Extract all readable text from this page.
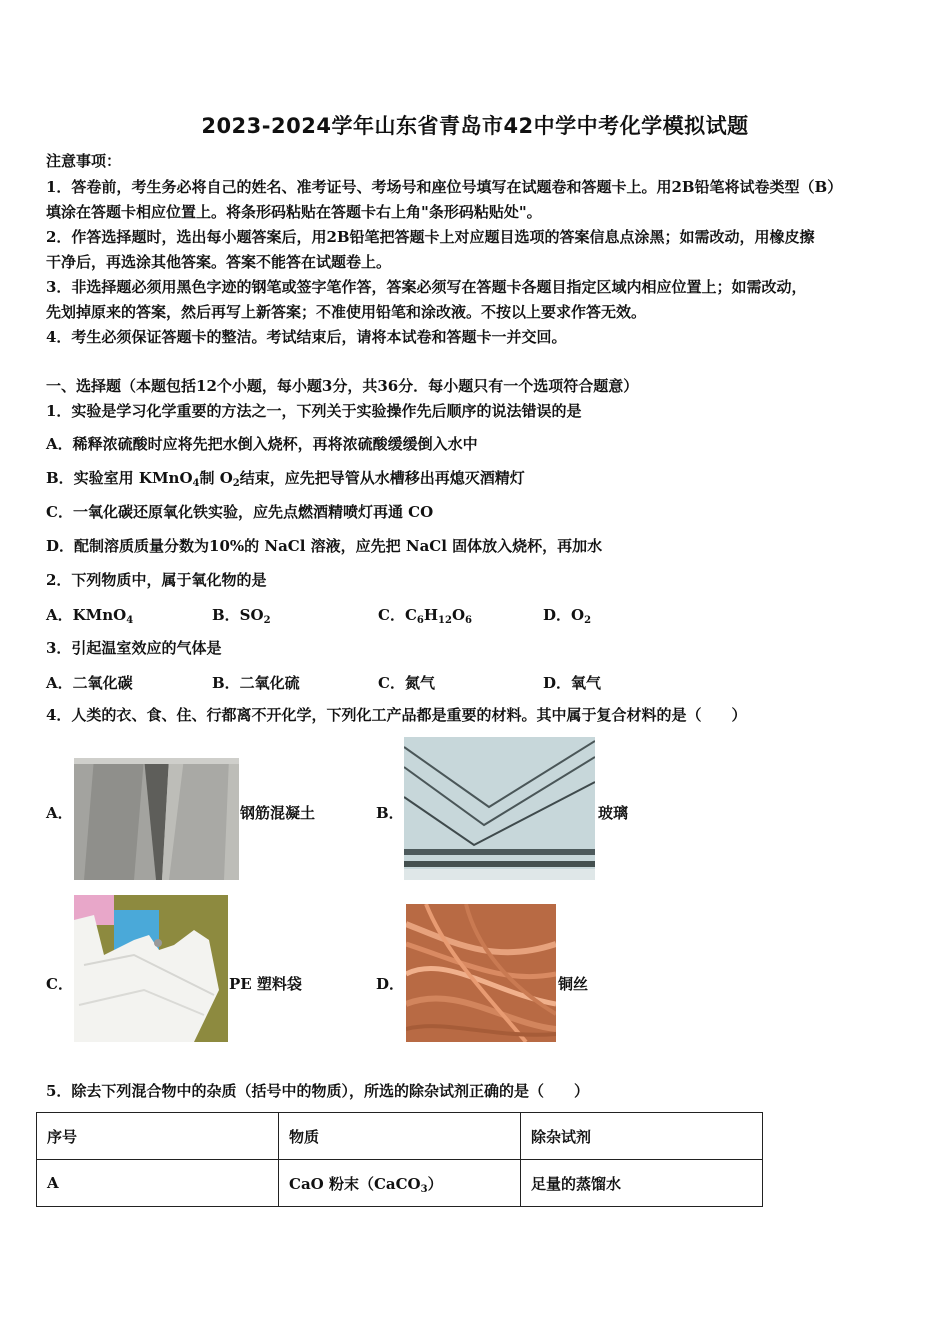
2023-2024学年山东省青岛市42中学中考化学模拟试题
注意事项：
1．答卷前，考生务必将自己的姓名、准考证号、考场号和座位号填写在试题卷和答题卡上。用2B铅笔将试卷类型（B）
填涂在答题卡相应位置上。将条形码粘贴在答题卡右上角"条形码粘贴处"。
2．作答选择题时，选出每小题答案后，用2B铅笔把答题卡上对应题目选项的答案信息点涂黑；如需改动，用橡皮擦
干净后，再选涂其他答案。答案不能答在试题卷上。
3．非选择题必须用黑色字迹的钢笔或签字笔作答，答案必须写在答题卡各题目指定区域内相应位置上；如需改动，
先划掉原来的答案，然后再写上新答案；不准使用铅笔和涂改液。不按以上要求作答无效。
4．考生必须保证答题卡的整洁。考试结束后，请将本试卷和答题卡一并交回。
一、选择题（本题包括12个小题，每小题3分，共36分．每小题只有一个选项符合题意）
1．实验是学习化学重要的方法之一，下列关于实验操作先后顺序的说法错误的是
A．稀释浓硫酸时应将先把水倒入烧杯，再将浓硫酸缓缓倒入水中
B．实验室用 KMnO$_4$制 $O_2$结束，应先把导管从水槽移出再熄灭酒精灯
C．一氧化碳还原氧化铁实验，应先点燃酒精喷灯再通 CO
D．配制溶质质量分数为10%的 NaCl 溶液，应先把 NaCl 固体放入烧杯，再加水
2．下列物质中，属于氧化物的是
A．KMnO$_4$	B．$SO_2$	C．$C_6H_{12}O_6$	D．$O_2$
3．引起温室效应的气体是
A．二氧化碳	B．二氧化硫	C．氮气	D．氧气
4．人类的衣、食、住、行都离不开化学，下列化工产品都是重要的材料。其中属于复合材料的是（　　）
A．	钢筋混凝土	B．	玻璃
C．	PE 塑料袋	D．	铜丝
5．除去下列混合物中的杂质（括号中的物质），所选的除杂试剂正确的是（　　）
序号	物质	除杂试剂
A	CaO 粉末（CaCO$_3$）	足量的蒸馏水
